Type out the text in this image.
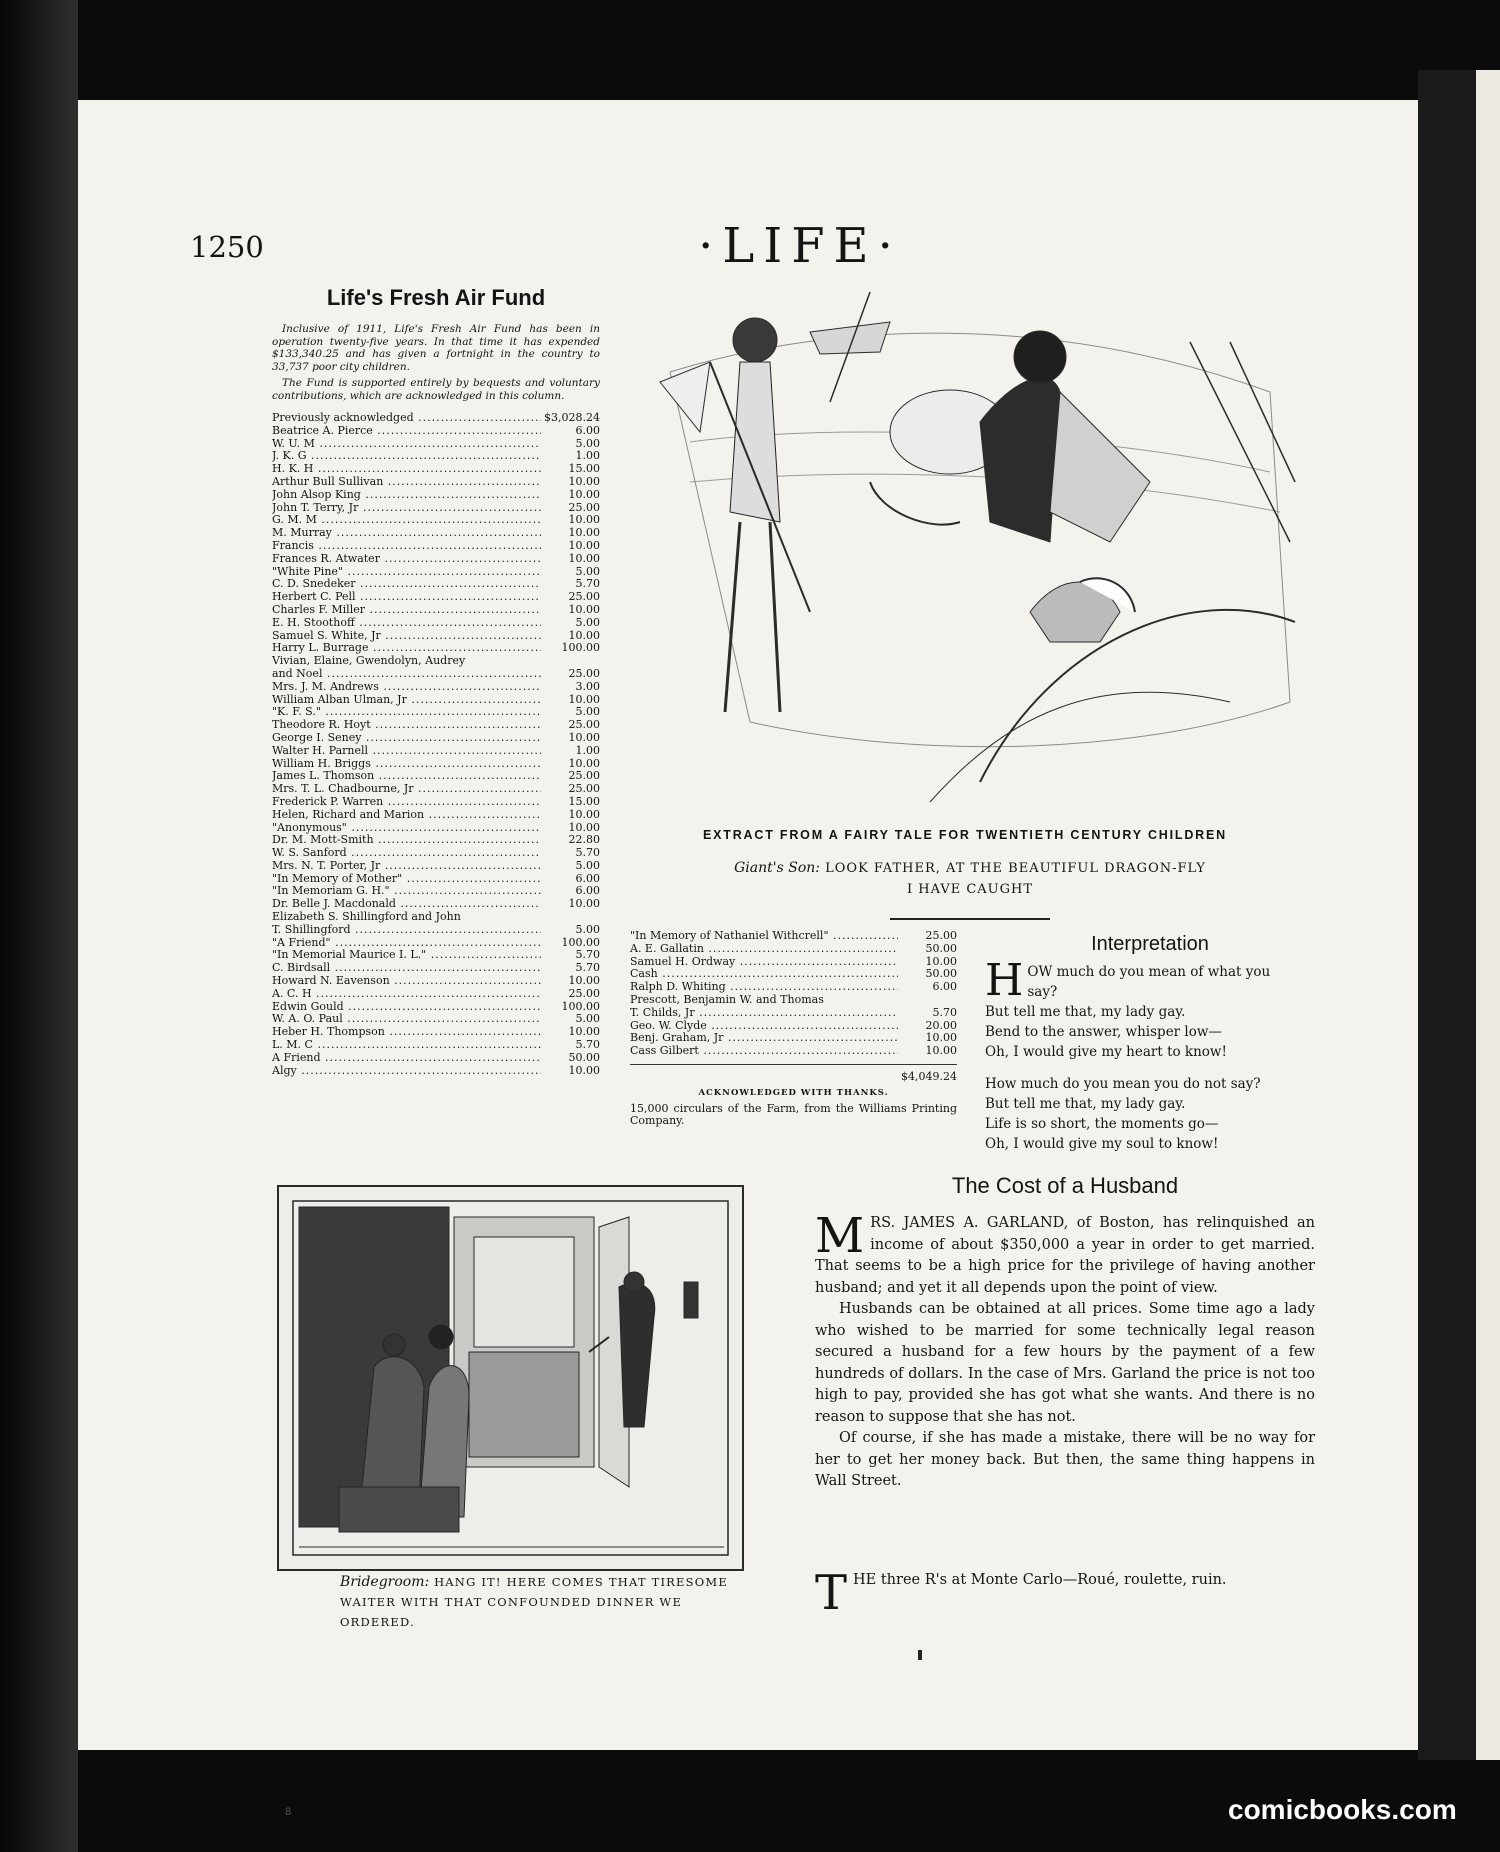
1250	·LIFE·
Life's Fresh Air Fund

Inclusive of 1911, Life's Fresh Air Fund has been in operation twenty-five years. In that time it has expended $133,340.25 and has given a fortnight in the country to 33,737 poor city children.

The Fund is supported entirely by bequests and voluntary contributions, which are acknowledged in this column.

Previously acknowledged .....	$3,028.24
Beatrice A. Pierce .....	6.00
W. U. M .....	5.00
J. K. G .....	1.00
H. K. H .....	15.00
Arthur Bull Sullivan .....	10.00
John Alsop King .....	10.00
John T. Terry, Jr .....	25.00
G. M. M .....	10.00
M. Murray .....	10.00
Francis .....	10.00
Frances R. Atwater .....	10.00
"White Pine" .....	5.00
C. D. Snedeker .....	5.70
Herbert C. Pell .....	25.00
Charles F. Miller .....	10.00
E. H. Stoothoff .....	5.00
Samuel S. White, Jr .....	10.00
Harry L. Burrage .....	100.00
Vivian, Elaine, Gwendolyn, Audrey
and Noel .....	25.00
Mrs. J. M. Andrews .....	3.00
William Alban Ulman, Jr .....	10.00
"K. F. S." .....	5.00
Theodore R. Hoyt .....	25.00
George I. Seney .....	10.00
Walter H. Parnell .....	1.00
William H. Briggs .....	10.00
James L. Thomson .....	25.00
Mrs. T. L. Chadbourne, Jr .....	25.00
Frederick P. Warren .....	15.00
Helen, Richard and Marion .....	10.00
"Anonymous" .....	10.00
Dr. M. Mott-Smith .....	22.80
W. S. Sanford .....	5.70
Mrs. N. T. Porter, Jr .....	5.00
"In Memory of Mother" .....	6.00
"In Memoriam G. H." .....	6.00
Dr. Belle J. Macdonald .....	10.00
Elizabeth S. Shillingford and John
T. Shillingford .....	5.00
"A Friend" .....	100.00
"In Memorial Maurice I. L." .....	5.70
C. Birdsall .....	5.70
Howard N. Eavenson .....	10.00
A. C. H .....	25.00
Edwin Gould .....	100.00
W. A. O. Paul .....	5.00
Heber H. Thompson .....	10.00
L. M. C .....	5.70
A Friend .....	50.00
Algy .....	10.00
EXTRACT FROM A FAIRY TALE FOR TWENTIETH CENTURY CHILDREN
Giant's Son: LOOK FATHER, AT THE BEAUTIFUL DRAGON-FLY
I HAVE CAUGHT
"In Memory of Nathaniel Withcrell" .....	25.00
A. E. Gallatin .....	50.00
Samuel H. Ordway .....	10.00
Cash .....	50.00
Ralph D. Whiting .....	6.00
Prescott, Benjamin W. and Thomas
T. Childs, Jr .....	5.70
Geo. W. Clyde .....	20.00
Benj. Graham, Jr .....	10.00
Cass Gilbert .....	10.00
$4,049.24
ACKNOWLEDGED WITH THANKS.
15,000 circulars of the Farm, from the Williams Printing Company.
Interpretation
H OW much do you mean of what you
say?
But tell me that, my lady gay.
Bend to the answer, whisper low—
Oh, I would give my heart to know!
How much do you mean you do not say?
But tell me that, my lady gay.
Life is so short, the moments go—
Oh, I would give my soul to know!
Bridegroom: HANG IT! HERE COMES THAT TIRESOME WAITER WITH THAT CONFOUNDED DINNER WE ORDERED.
The Cost of a Husband

M RS. JAMES A. GARLAND, of Boston, has relinquished an income of about $350,000 a year in order to get married. That seems to be a high price for the privilege of having another husband; and yet it all depends upon the point of view.

Husbands can be obtained at all prices. Some time ago a lady who wished to be married for some technically legal reason secured a husband for a few hours by the payment of a few hundreds of dollars. In the case of Mrs. Garland the price is not too high to pay, provided she has got what she wants. And there is no reason to suppose that she has not.

Of course, if she has made a mistake, there will be no way for her to get her money back. But then, the same thing happens in Wall Street.

T HE three R's at Monte Carlo—Roué, roulette, ruin.

8	comicbooks.com
